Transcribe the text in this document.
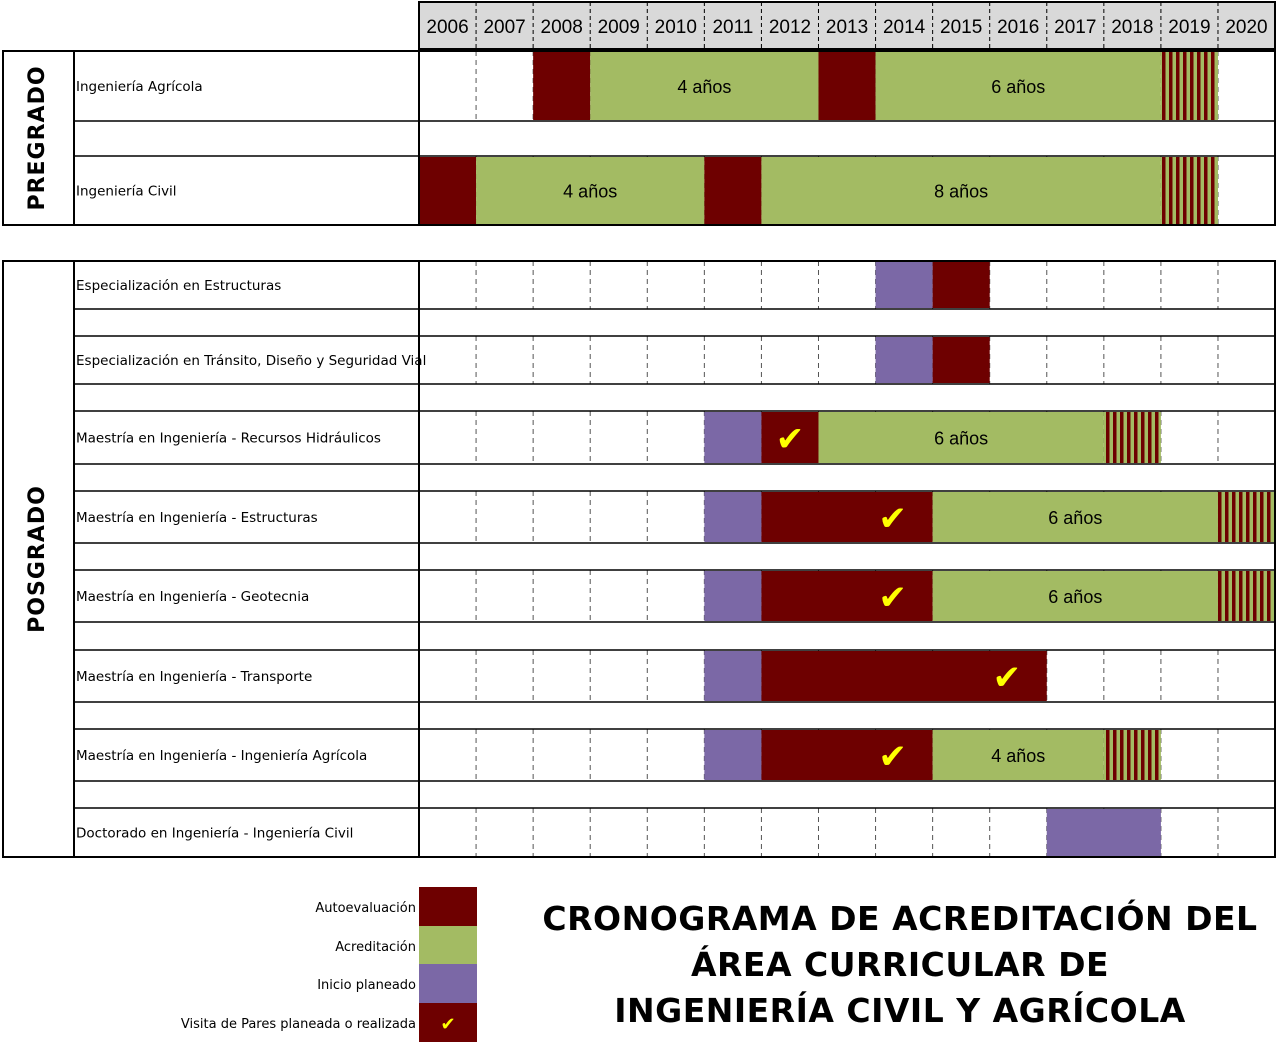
2006 2007 2008 2009 2010 2011 2012 2013 2014 2015 2016 2017 2018 2019 2020
Ingeniería Agrícola	4 años	6 años
Ingeniería Civil	4 años	8 años
PREGRADO
Especialización en Estructuras
Especialización en Tránsito, Diseño y Seguridad Vial
Maestría en Ingeniería - Recursos Hidráulicos	✔	6 años
Maestría en Ingeniería - Estructuras	✔	6 años
Maestría en Ingeniería - Geotecnia	✔	6 años
Maestría en Ingeniería - Transporte	✔
Maestría en Ingeniería - Ingeniería Agrícola	✔	4 años
Doctorado en Ingeniería - Ingeniería Civil
POSGRADO
Autoevaluación
Acreditación
Inicio planeado
✔
Visita de Pares planeada o realizada
CRONOGRAMA DE ACREDITACIÓN DEL
ÁREA CURRICULAR DE
INGENIERÍA CIVIL Y AGRÍCOLA
